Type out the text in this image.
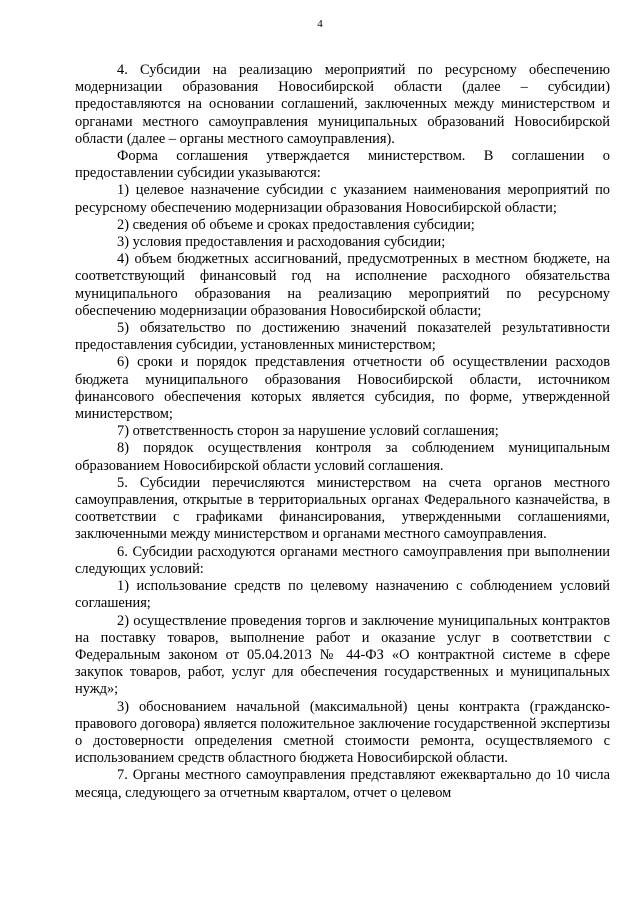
4

4. Субсидии на реализацию мероприятий по ресурсному обеспечению модернизации образования Новосибирской области (далее – субсидии) предоставляются на основании соглашений, заключенных между министерством и органами местного самоуправления муниципальных образований Новосибирской области (далее – органы местного самоуправления).

Форма соглашения утверждается министерством. В соглашении о предоставлении субсидии указываются:

1) целевое назначение субсидии с указанием наименования мероприятий по ресурсному обеспечению модернизации образования Новосибирской области;

2) сведения об объеме и сроках предоставления субсидии;

3) условия предоставления и расходования субсидии;

4) объем бюджетных ассигнований, предусмотренных в местном бюджете, на соответствующий финансовый год на исполнение расходного обязательства муниципального образования на реализацию мероприятий по ресурсному обеспечению модернизации образования Новосибирской области;

5) обязательство по достижению значений показателей результативности предоставления субсидии, установленных министерством;

6) сроки и порядок представления отчетности об осуществлении расходов бюджета муниципального образования Новосибирской области, источником финансового обеспечения которых является субсидия, по форме, утвержденной министерством;

7) ответственность сторон за нарушение условий соглашения;

8) порядок осуществления контроля за соблюдением муниципальным образованием Новосибирской области условий соглашения.

5. Субсидии перечисляются министерством на счета органов местного самоуправления, открытые в территориальных органах Федерального казначейства, в соответствии с графиками финансирования, утвержденными соглашениями, заключенными между министерством и органами местного самоуправления.

6. Субсидии расходуются органами местного самоуправления при выполнении следующих условий:

1) использование средств по целевому назначению с соблюдением условий соглашения;

2) осуществление проведения торгов и заключение муниципальных контрактов на поставку товаров, выполнение работ и оказание услуг в соответствии с Федеральным законом от 05.04.2013 № 44-ФЗ «О контрактной системе в сфере закупок товаров, работ, услуг для обеспечения государственных и муниципальных нужд»;

3) обоснованием начальной (максимальной) цены контракта (гражданско-правового договора) является положительное заключение государственной экспертизы о достоверности определения сметной стоимости ремонта, осуществляемого с использованием средств областного бюджета Новосибирской области.

7. Органы местного самоуправления представляют ежеквартально до 10 числа месяца, следующего за отчетным кварталом, отчет о целевом
